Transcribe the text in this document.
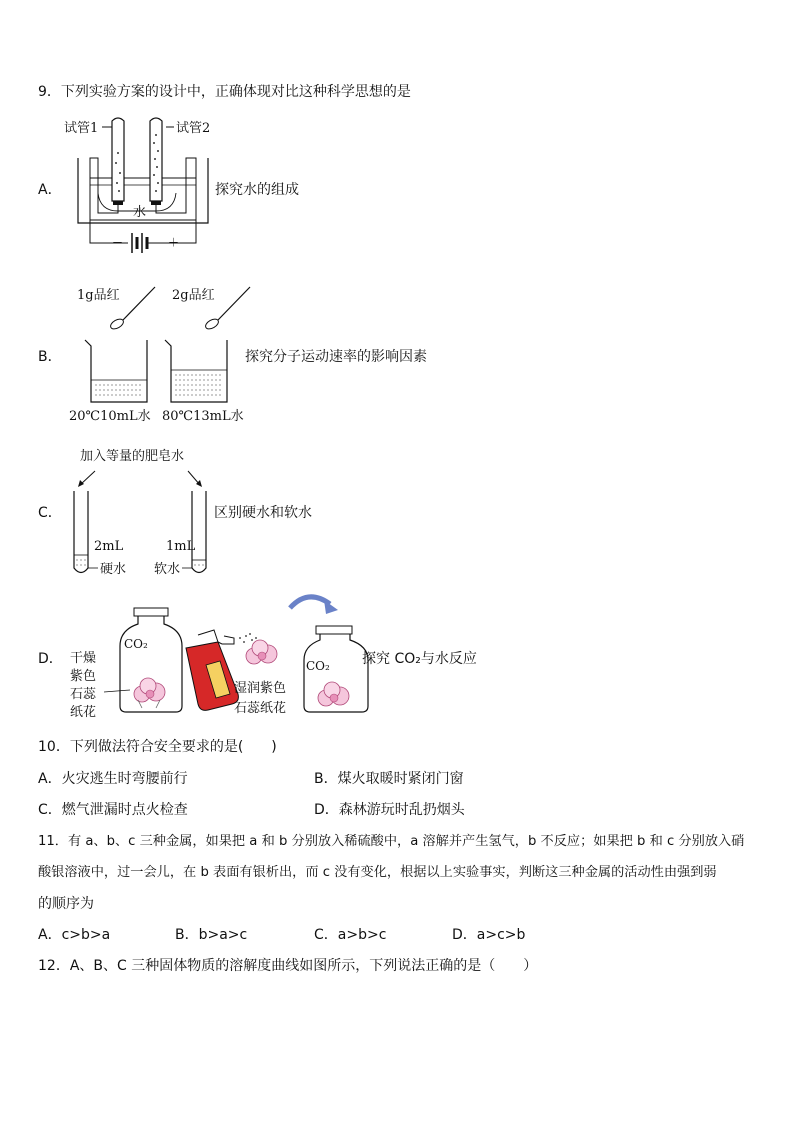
9．下列实验方案的设计中，正确体现对比这种科学思想的是
A．
试管1	试管2
水
－	＋
探究水的组成
B．
1g品红	2g品红
20℃10mL水 80℃13mL水
探究分子运动速率的影响因素
C．
加入等量的肥皂水
2mL	1mL
硬水 软水
区别硬水和软水
D． 干燥
紫色
石蕊
纸花
CO₂
湿润紫色
石蕊纸花
CO₂ 探究 CO₂与水反应
10．下列做法符合安全要求的是(　　)
A．火灾逃生时弯腰前行	B．煤火取暖时紧闭门窗
C．燃气泄漏时点火检查	D．森林游玩时乱扔烟头
11．有 a、b、c 三种金属，如果把 a 和 b 分别放入稀硫酸中，a 溶解并产生氢气，b 不反应；如果把 b 和 c 分别放入硝
酸银溶液中，过一会儿，在 b 表面有银析出，而 c 没有变化，根据以上实验事实，判断这三种金属的活动性由强到弱
的顺序为
A．c>b>a	B．b>a>c	C．a>b>c	D．a>c>b
12．A、B、C 三种固体物质的溶解度曲线如图所示，下列说法正确的是（　　）
